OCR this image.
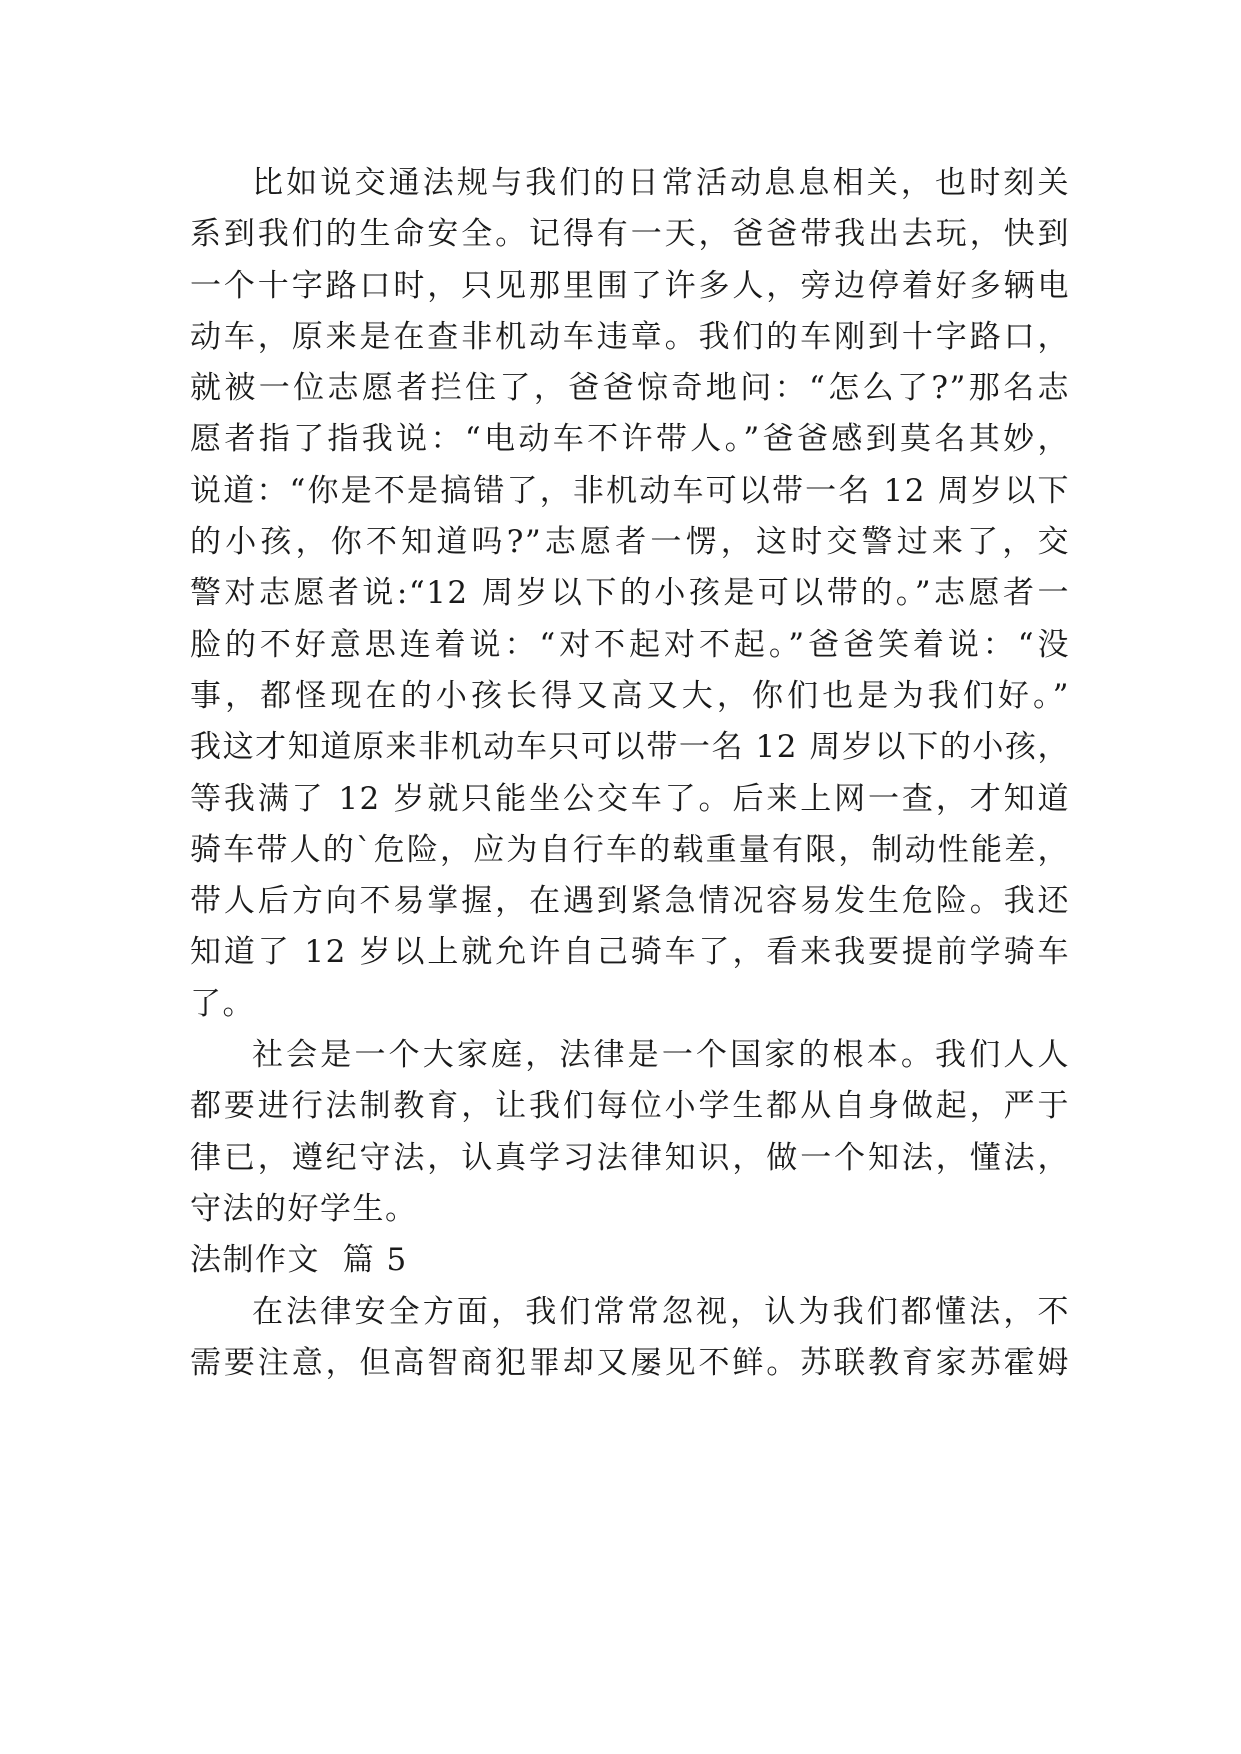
比如说交通法规与我们的日常活动息息相关，也时刻关
系到我们的生命安全。记得有一天，爸爸带我出去玩，快到
一个十字路口时，只见那里围了许多人，旁边停着好多辆电
动车，原来是在查非机动车违章。我们的车刚到十字路口，
就被一位志愿者拦住了，爸爸惊奇地问：“怎么了?”那名志
愿者指了指我说：“电动车不许带人。”爸爸感到莫名其妙，
说道：“你是不是搞错了，非机动车可以带一名 12 周岁以下
的小孩，你不知道吗?”志愿者一愣，这时交警过来了，交
警对志愿者说:“12 周岁以下的小孩是可以带的。”志愿者一
脸的不好意思连着说：“对不起对不起。”爸爸笑着说：“没
事，都怪现在的小孩长得又高又大，你们也是为我们好。”
我这才知道原来非机动车只可以带一名 12 周岁以下的小孩，
等我满了 12 岁就只能坐公交车了。后来上网一查，才知道
骑车带人的`危险，应为自行车的载重量有限，制动性能差，
带人后方向不易掌握，在遇到紧急情况容易发生危险。我还
知道了 12 岁以上就允许自己骑车了，看来我要提前学骑车
了。
社会是一个大家庭，法律是一个国家的根本。我们人人
都要进行法制教育，让我们每位小学生都从自身做起，严于
律已，遵纪守法，认真学习法律知识，做一个知法，懂法，
守法的好学生。
法制作文  篇 5
在法律安全方面，我们常常忽视，认为我们都懂法，不
需要注意，但高智商犯罪却又屡见不鲜。苏联教育家苏霍姆
